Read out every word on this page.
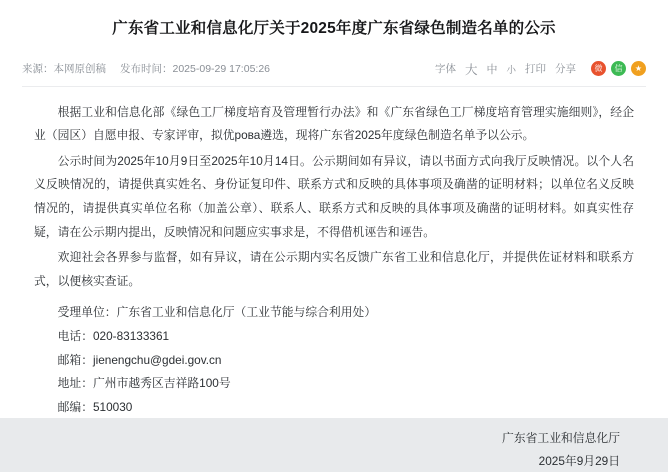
广东省工业和信息化厅关于2025年度广东省绿色制造名单的公示
来源：本网原创稿 发布时间：2025-09-29 17:05:26	字体 大 中 小 打印 分享	微	信	★

根据工业和信息化部《绿色工厂梯度培育及管理暂行办法》和《广东省绿色工厂梯度培育管理实施细则》，经企业（园区）自愿申报、专家评审，拟优рова遴选，现将广东省2025年度绿色制造名单予以公示。

公示时间为2025年10月9日至2025年10月14日。公示期间如有异议，请以书面方式向我厅反映情况。以个人名义反映情况的，请提供真实姓名、身份证复印件、联系方式和反映的具体事项及确凿的证明材料；以单位名义反映情况的，请提供真实单位名称（加盖公章）、联系人、联系方式和反映的具体事项及确凿的证明材料。如真实性存疑，请在公示期内提出，反映情况和问题应实事求是，不得借机诬告和诬告。

欢迎社会各界参与监督，如有异议，请在公示期内实名反馈广东省工业和信息化厅，并提供佐证材料和联系方式，以便核实查证。

受理单位：广东省工业和信息化厅（工业节能与综合利用处）

电话：020-83133361

邮箱：jienengchu@gdei.gov.cn

地址：广州市越秀区吉祥路100号

邮编：510030

广东省工业和信息化厅

2025年9月29日
